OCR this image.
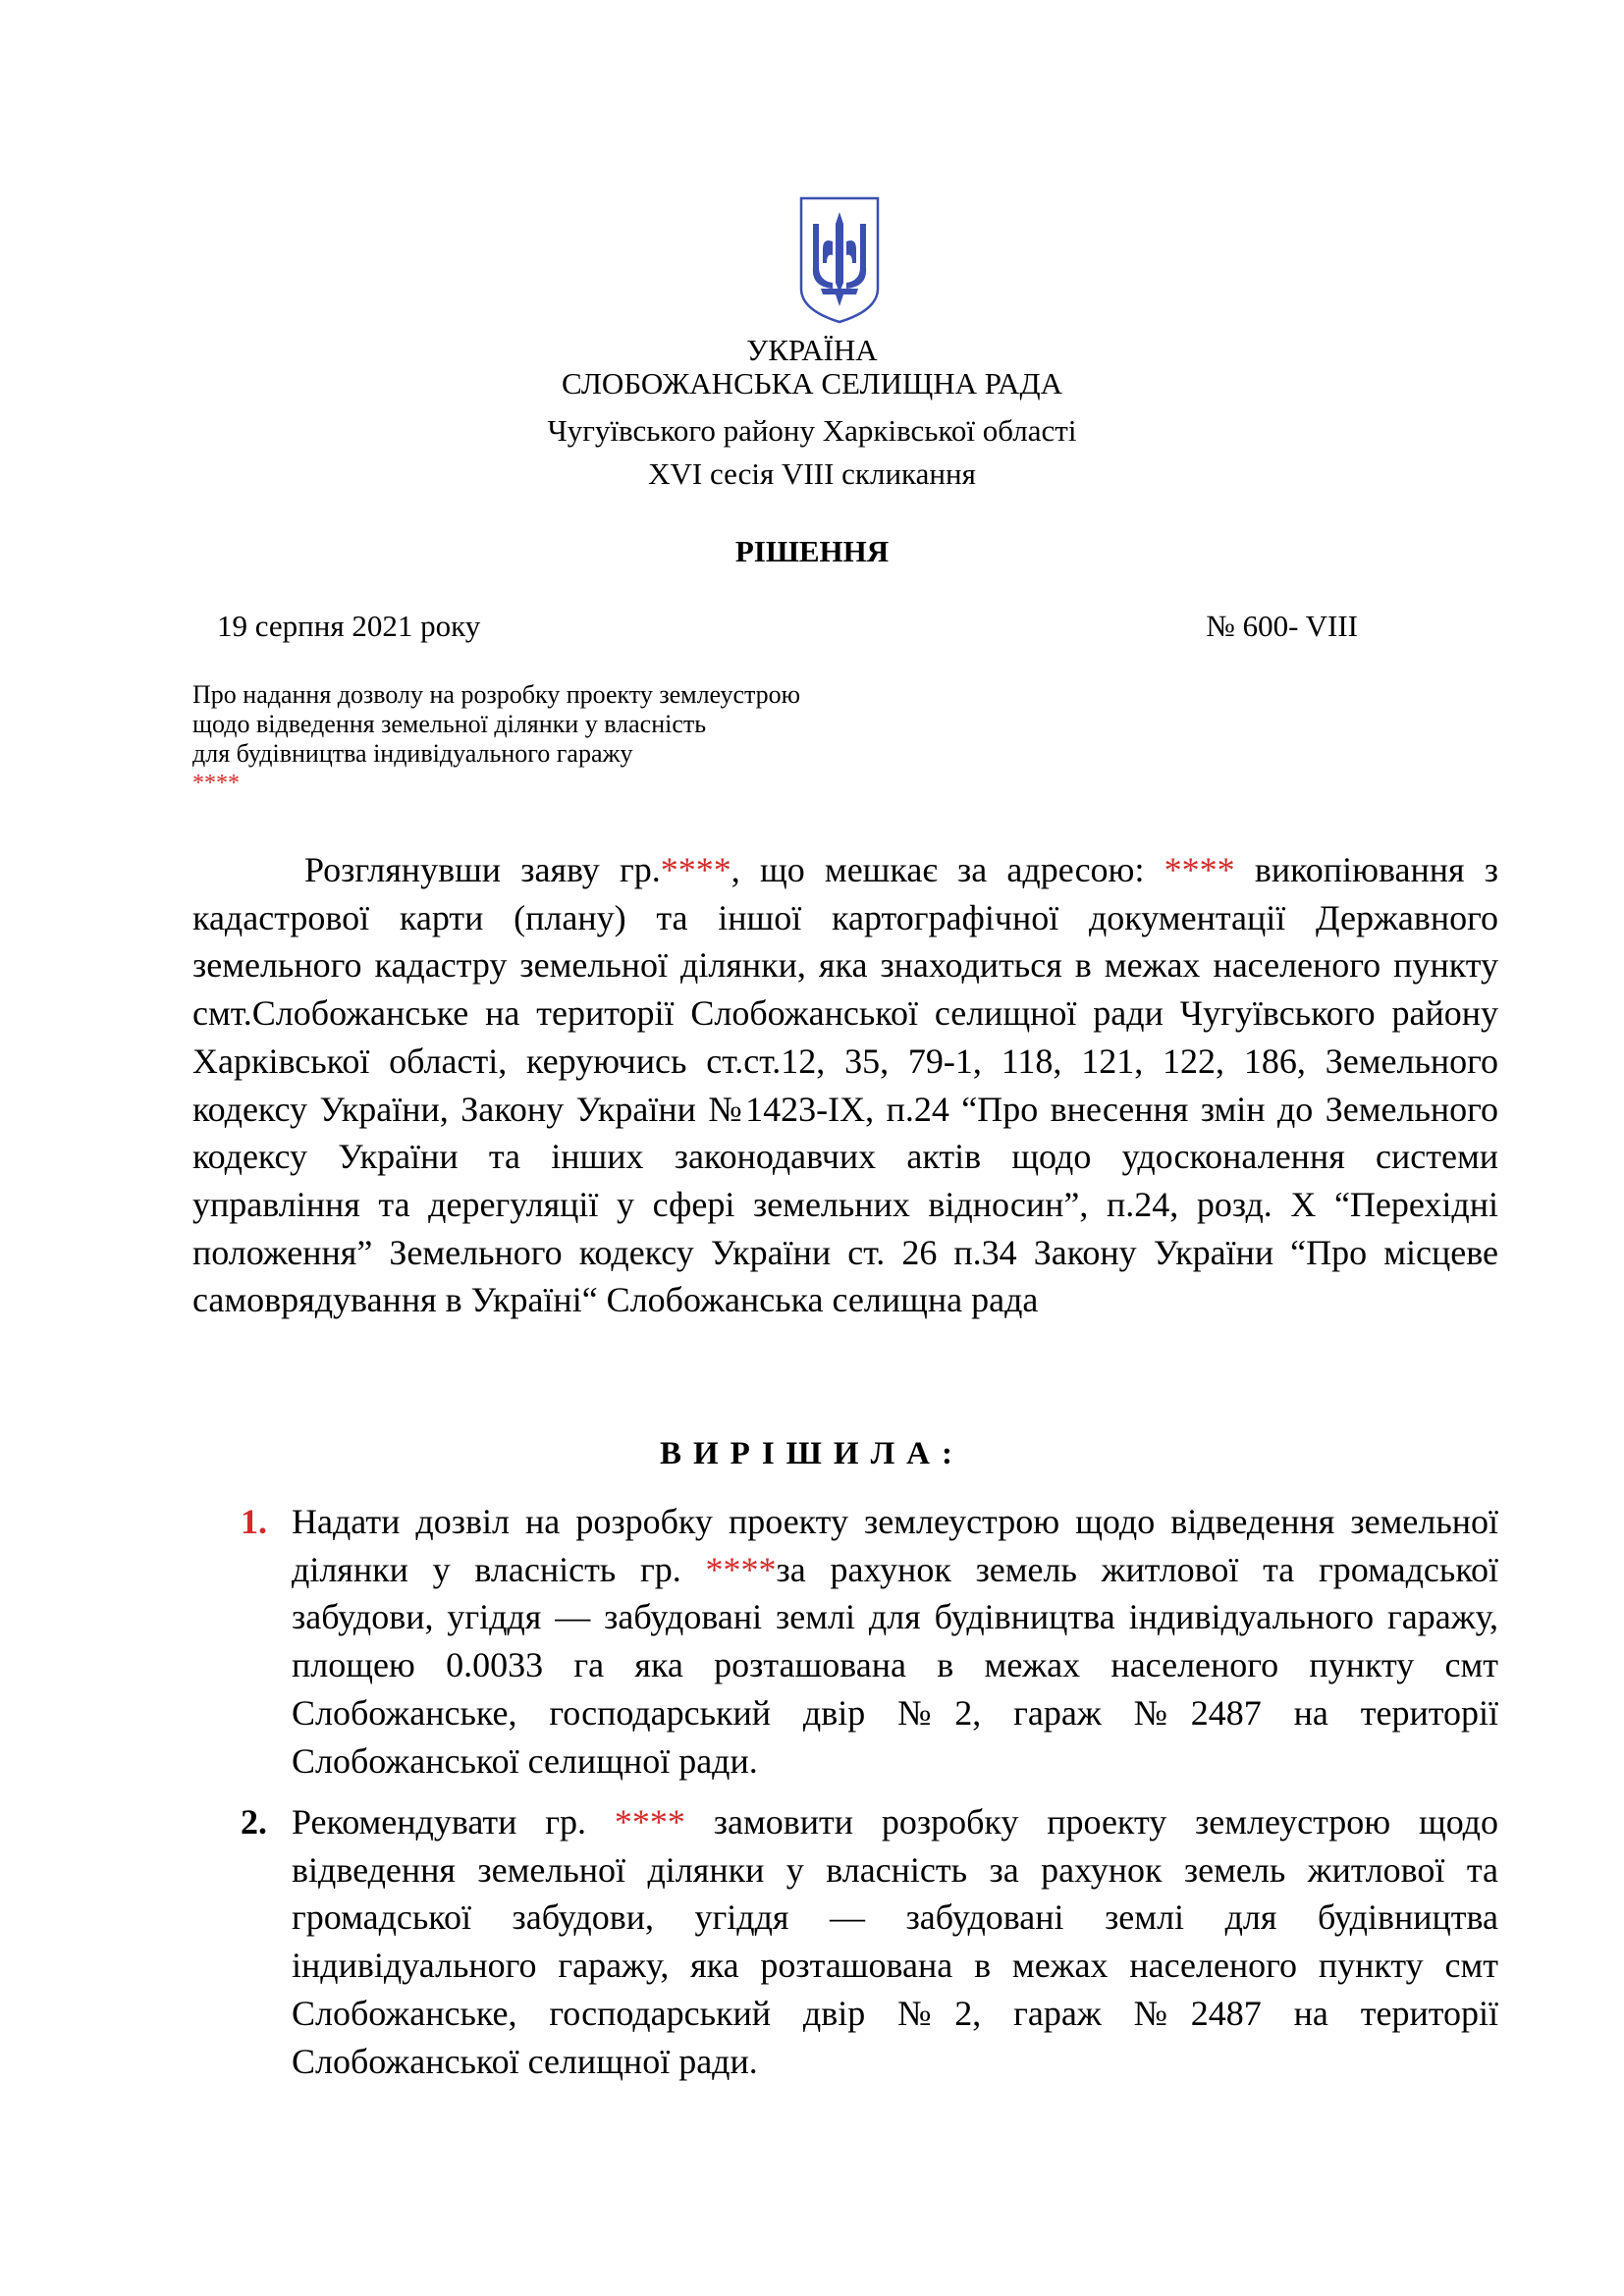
УКРАЇНА
СЛОБОЖАНСЬКА СЕЛИЩНА РАДА
Чугуївського району Харківської області
XVI сесія VIII скликання
РІШЕННЯ
19 серпня 2021 року	№ 600- VIII
Про надання дозволу на розробку проекту землеустрою
щодо відведення земельної ділянки у власність
для будівництва індивідуального гаражу
****
Розглянувши заяву гр.****, що мешкає за адресою: **** викопіювання з кадастрової карти (плану) та іншої картографічної документації Державного земельного кадастру земельної ділянки, яка знаходиться в межах населеного пункту смт.Слобожанське на території Слобожанської селищної ради Чугуївського району Харківської області, керуючись ст.ст.12, 35, 79-1, 118, 121, 122, 186, Земельного кодексу України, Закону України №1423-IX, п.24 “Про внесення змін до Земельного кодексу України та інших законодавчих актів щодо удосконалення системи управління та дерегуляції у сфері земельних відносин”, п.24, розд. Х “Перехідні положення” Земельного кодексу України ст. 26 п.34 Закону України “Про місцеве самоврядування в Україні“ Слобожанська селищна рада
ВИРІШИЛА:
1. Надати дозвіл на розробку проекту землеустрою щодо відведення земельної ділянки у власність гр. ****за рахунок земель житлової та громадської забудови, угіддя — забудовані землі для будівництва індивідуального гаражу, площею 0.0033 га яка розташована в межах населеного пункту смт Слобожанське, господарський двір №2, гараж №2487 на території Слобожанської селищної ради.
2. Рекомендувати гр. **** замовити розробку проекту землеустрою щодо відведення земельної ділянки у власність за рахунок земель житлової та громадської забудови, угіддя — забудовані землі для будівництва індивідуального гаражу, яка розташована в межах населеного пункту смт Слобожанське, господарський двір №2, гараж №2487 на території Слобожанської селищної ради.
